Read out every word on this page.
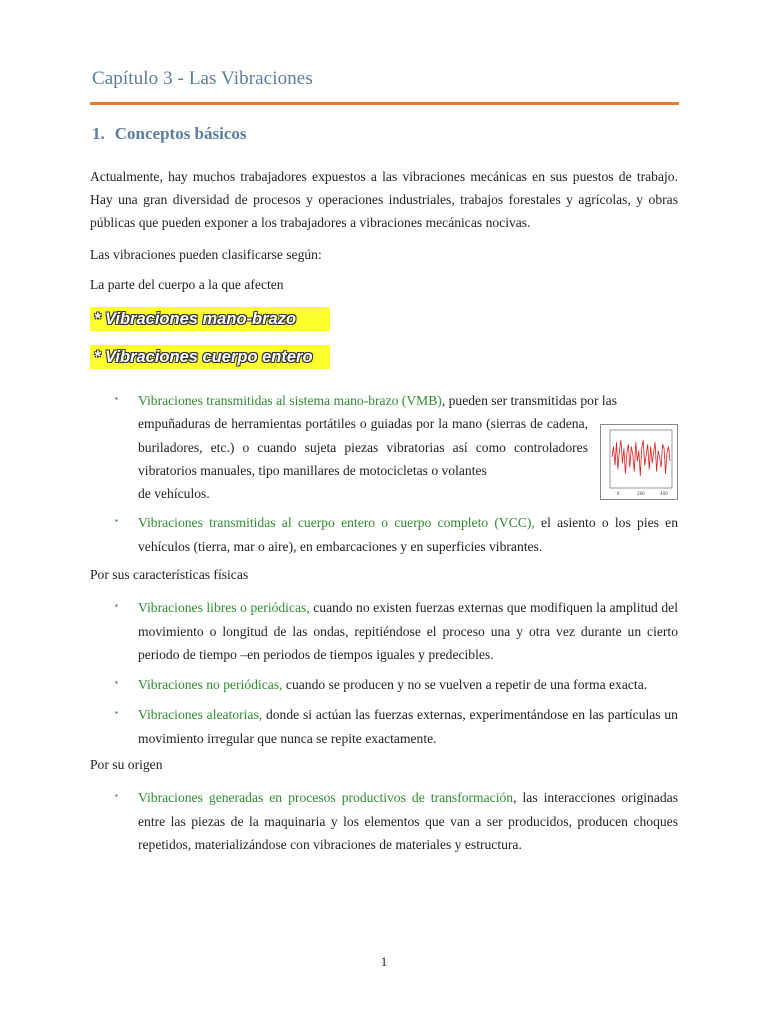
Capítulo 3 - Las Vibraciones
1. Conceptos básicos
Actualmente, hay muchos trabajadores expuestos a las vibraciones mecánicas en sus puestos de trabajo. Hay una gran diversidad de procesos y operaciones industriales, trabajos forestales y agrícolas, y obras públicas que pueden exponer a los trabajadores a vibraciones mecánicas nocivas.
Las vibraciones pueden clasificarse según:
La parte del cuerpo a la que afecten
* Vibraciones mano-brazo
* Vibraciones cuerpo entero
▪ Vibraciones transmitidas al sistema mano-brazo (VMB), pueden ser transmitidas por las
empuñaduras de herramientas portátiles o guiadas por la mano (sierras de cadena, buriladores, etc.) o cuando sujeta piezas vibratorias así como controladores vibratorios manuales, tipo manillares de motocicletas o volantes
de vehículos.	0	200	400
▪ Vibraciones transmitidas al cuerpo entero o cuerpo completo (VCC), el asiento o los pies en vehículos (tierra, mar o aire), en embarcaciones y en superficies vibrantes.
Por sus características físicas
▪ Vibraciones libres o periódicas, cuando no existen fuerzas externas que modifiquen la amplitud del movimiento o longitud de las ondas, repitiéndose el proceso una y otra vez durante un cierto periodo de tiempo –en periodos de tiempos iguales y predecibles.
▪ Vibraciones no periódicas, cuando se producen y no se vuelven a repetir de una forma exacta.
▪ Vibraciones aleatorias, donde si actúan las fuerzas externas, experimentándose en las partículas un movimiento irregular que nunca se repite exactamente.
Por su origen
▪ Vibraciones generadas en procesos productivos de transformación, las interacciones originadas entre las piezas de la maquinaria y los elementos que van a ser producidos, producen choques repetidos, materializándose con vibraciones de materiales y estructura.
1
